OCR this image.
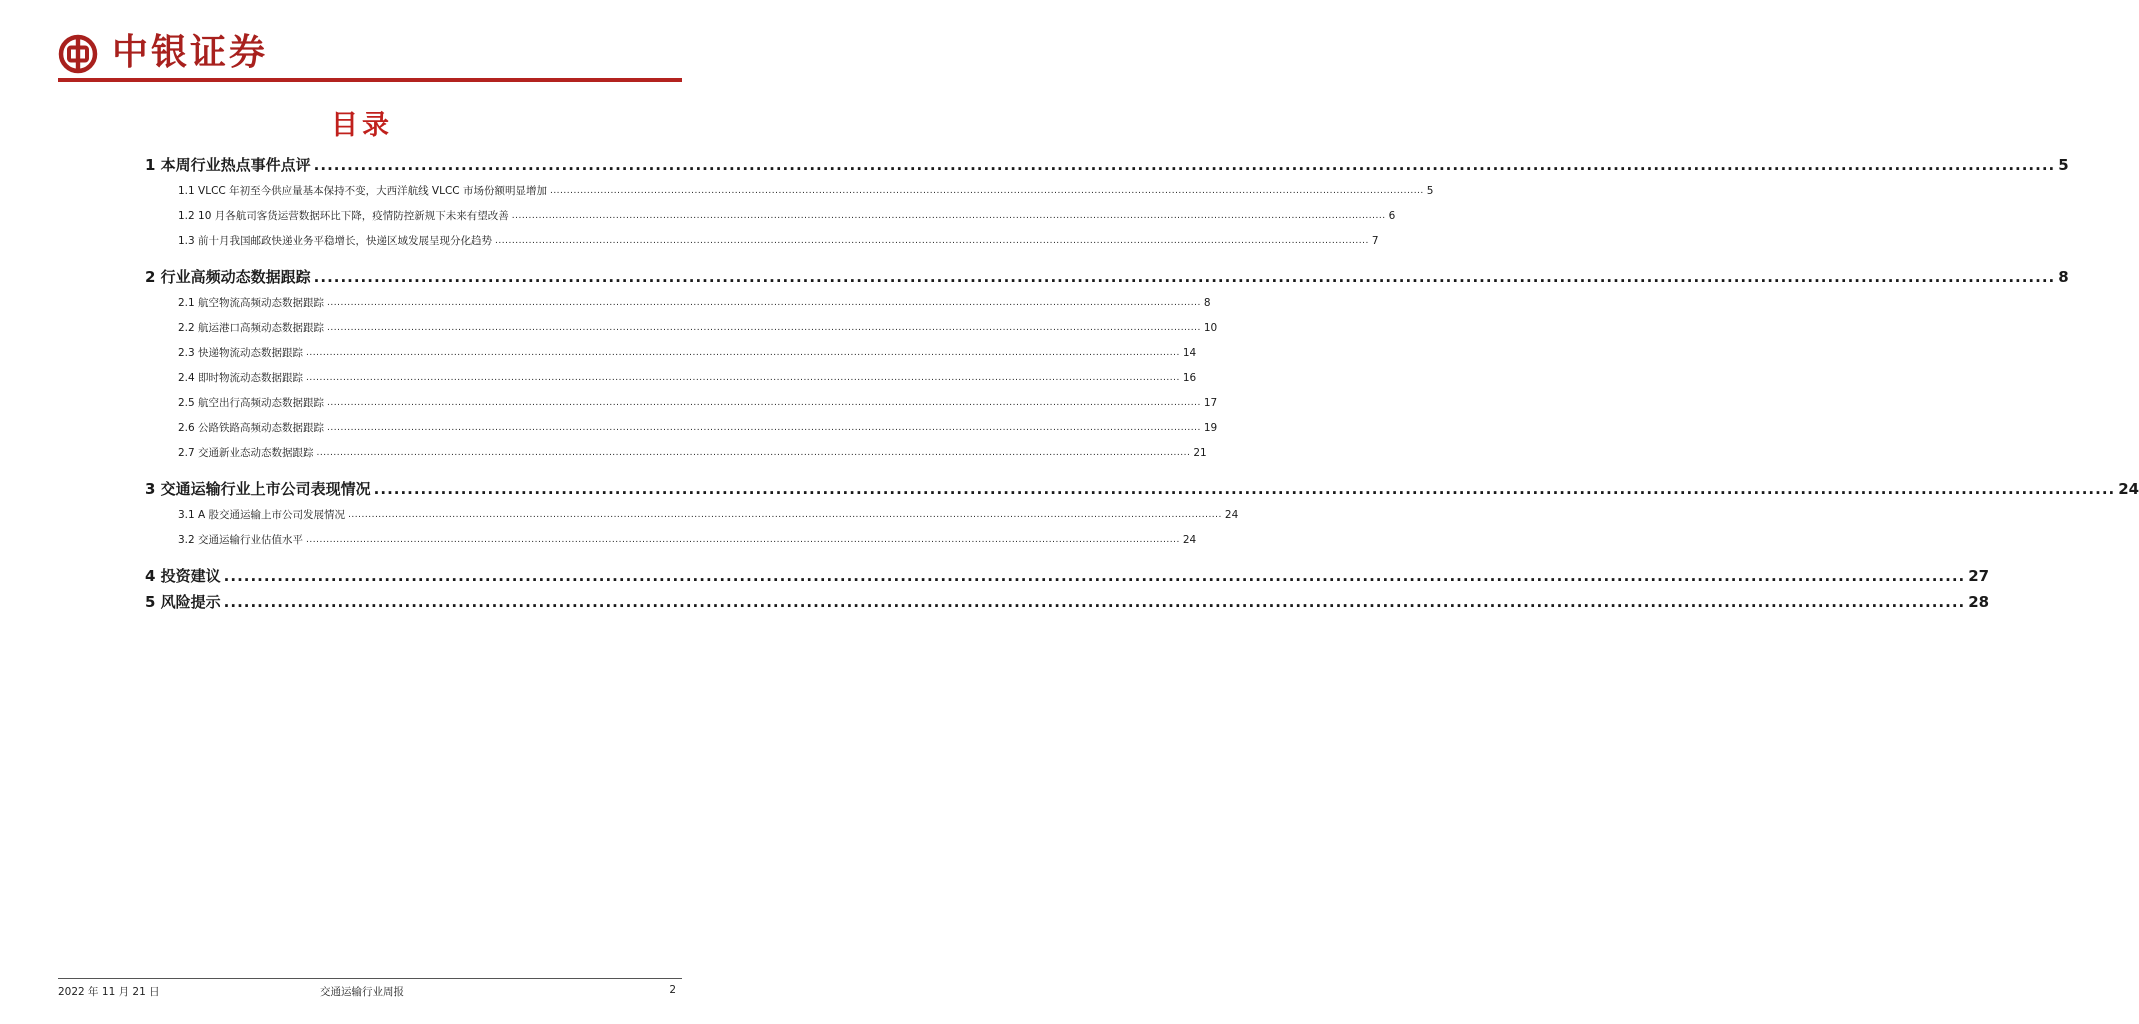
中银证券
目录
1 本周行业热点事件点评 .................................................................................................................................................................................................................................................................... 5
1.1 VLCC 年初至今供应量基本保持不变，大西洋航线 VLCC 市场份额明显增加 .................................................................................................................................................................................................................................................................... 5
1.2 10 月各航司客货运营数据环比下降，疫情防控新规下未来有望改善 .................................................................................................................................................................................................................................................................... 6
1.3 前十月我国邮政快递业务平稳增长，快递区域发展呈现分化趋势 .................................................................................................................................................................................................................................................................... 7
2 行业高频动态数据跟踪 .................................................................................................................................................................................................................................................................... 8
2.1 航空物流高频动态数据跟踪 .................................................................................................................................................................................................................................................................... 8
2.2 航运港口高频动态数据跟踪 .................................................................................................................................................................................................................................................................... 10
2.3 快递物流动态数据跟踪 .................................................................................................................................................................................................................................................................... 14
2.4 即时物流动态数据跟踪 .................................................................................................................................................................................................................................................................... 16
2.5 航空出行高频动态数据跟踪 .................................................................................................................................................................................................................................................................... 17
2.6 公路铁路高频动态数据跟踪 .................................................................................................................................................................................................................................................................... 19
2.7 交通新业态动态数据跟踪 .................................................................................................................................................................................................................................................................... 21
3 交通运输行业上市公司表现情况 .................................................................................................................................................................................................................................................................... 24
3.1 A 股交通运输上市公司发展情况 .................................................................................................................................................................................................................................................................... 24
3.2 交通运输行业估值水平 .................................................................................................................................................................................................................................................................... 24
4 投资建议 .................................................................................................................................................................................................................................................................... 27
5 风险提示 .................................................................................................................................................................................................................................................................... 28
2022 年 11 月 21 日	交通运输行业周报	2
